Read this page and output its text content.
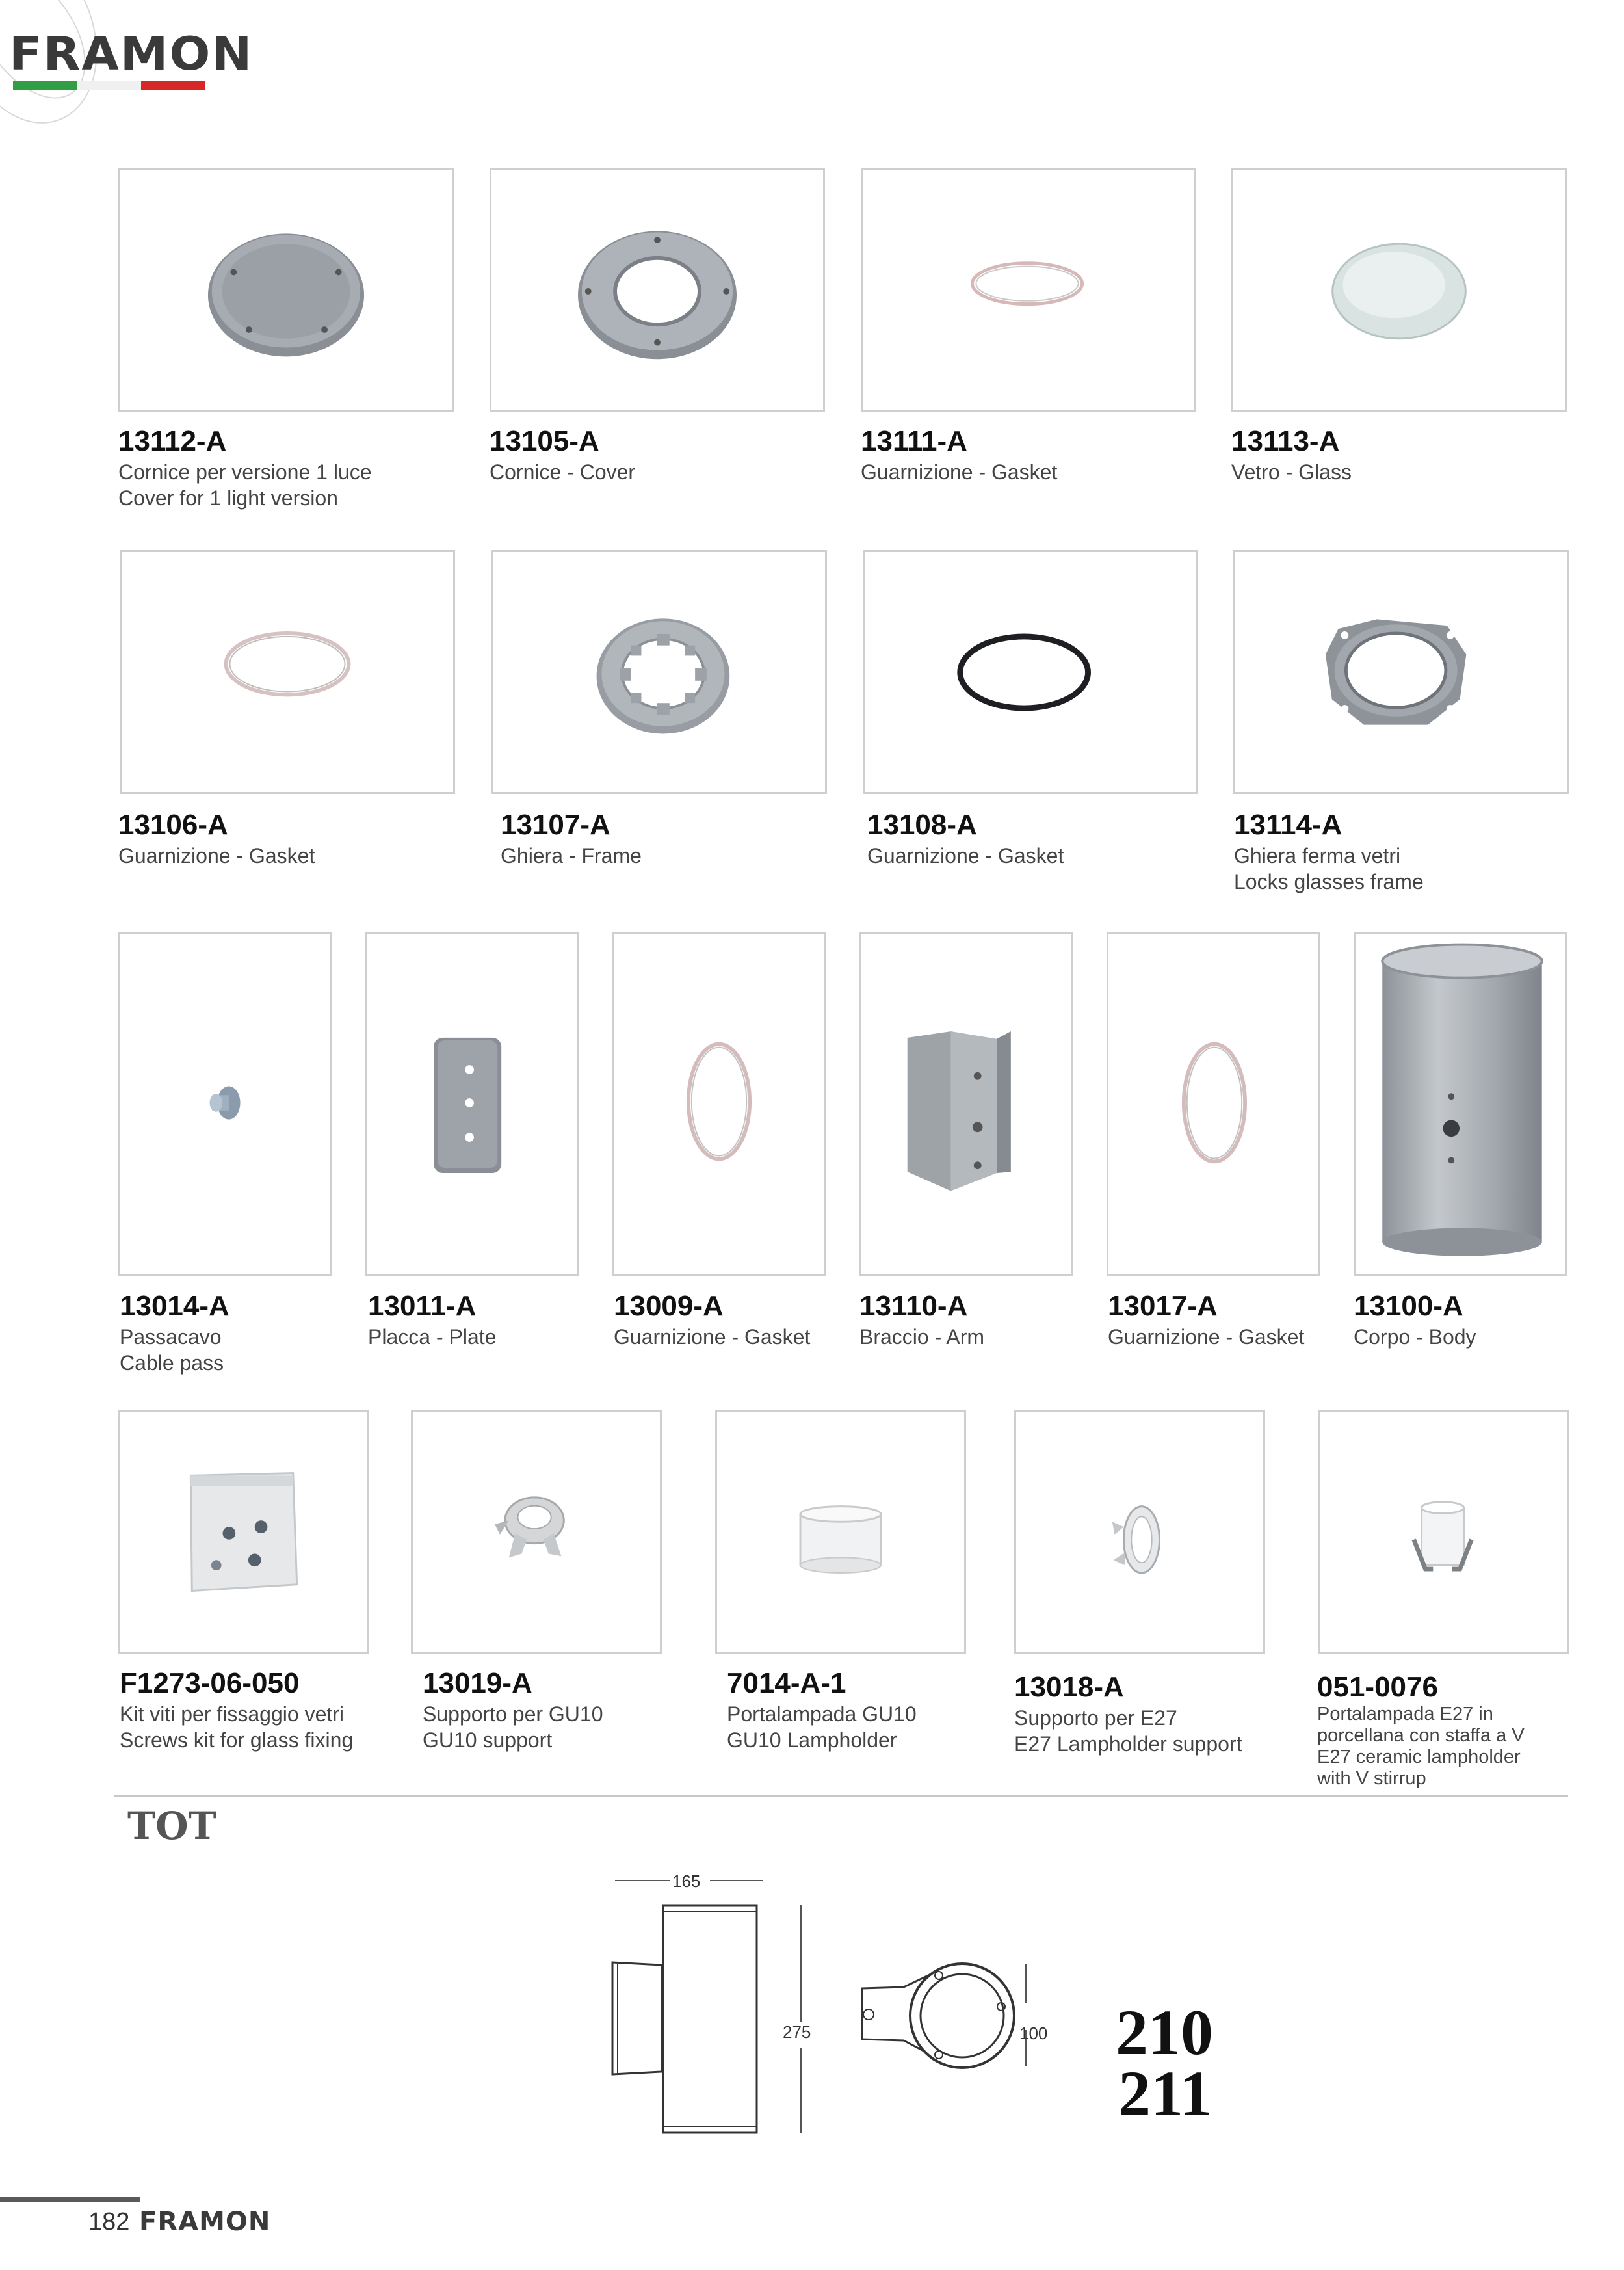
FRAMON
13112-A
Cornice per versione 1 luce
Cover for 1 light version
13105-A
Cornice - Cover
13111-A
Guarnizione - Gasket
13113-A
Vetro - Glass
13106-A
Guarnizione - Gasket
13107-A
Ghiera - Frame
13108-A
Guarnizione - Gasket
13114-A
Ghiera ferma vetri
Locks glasses frame
13014-A
Passacavo
Cable pass
13011-A
Placca - Plate
13009-A
Guarnizione - Gasket
13110-A
Braccio - Arm
13017-A
Guarnizione - Gasket
13100-A
Corpo - Body
F1273-06-050
Kit viti per fissaggio vetri
Screws kit for glass fixing
13019-A
Supporto per GU10
GU10 support
7014-A-1
Portalampada GU10
GU10 Lampholder
13018-A
Supporto per E27
E27 Lampholder support
051-0076
Portalampada E27 in
porcellana con staffa a V
E27 ceramic lampholder
with V stirrup
TOT
165
275	100 210
211
182 FRAMON
